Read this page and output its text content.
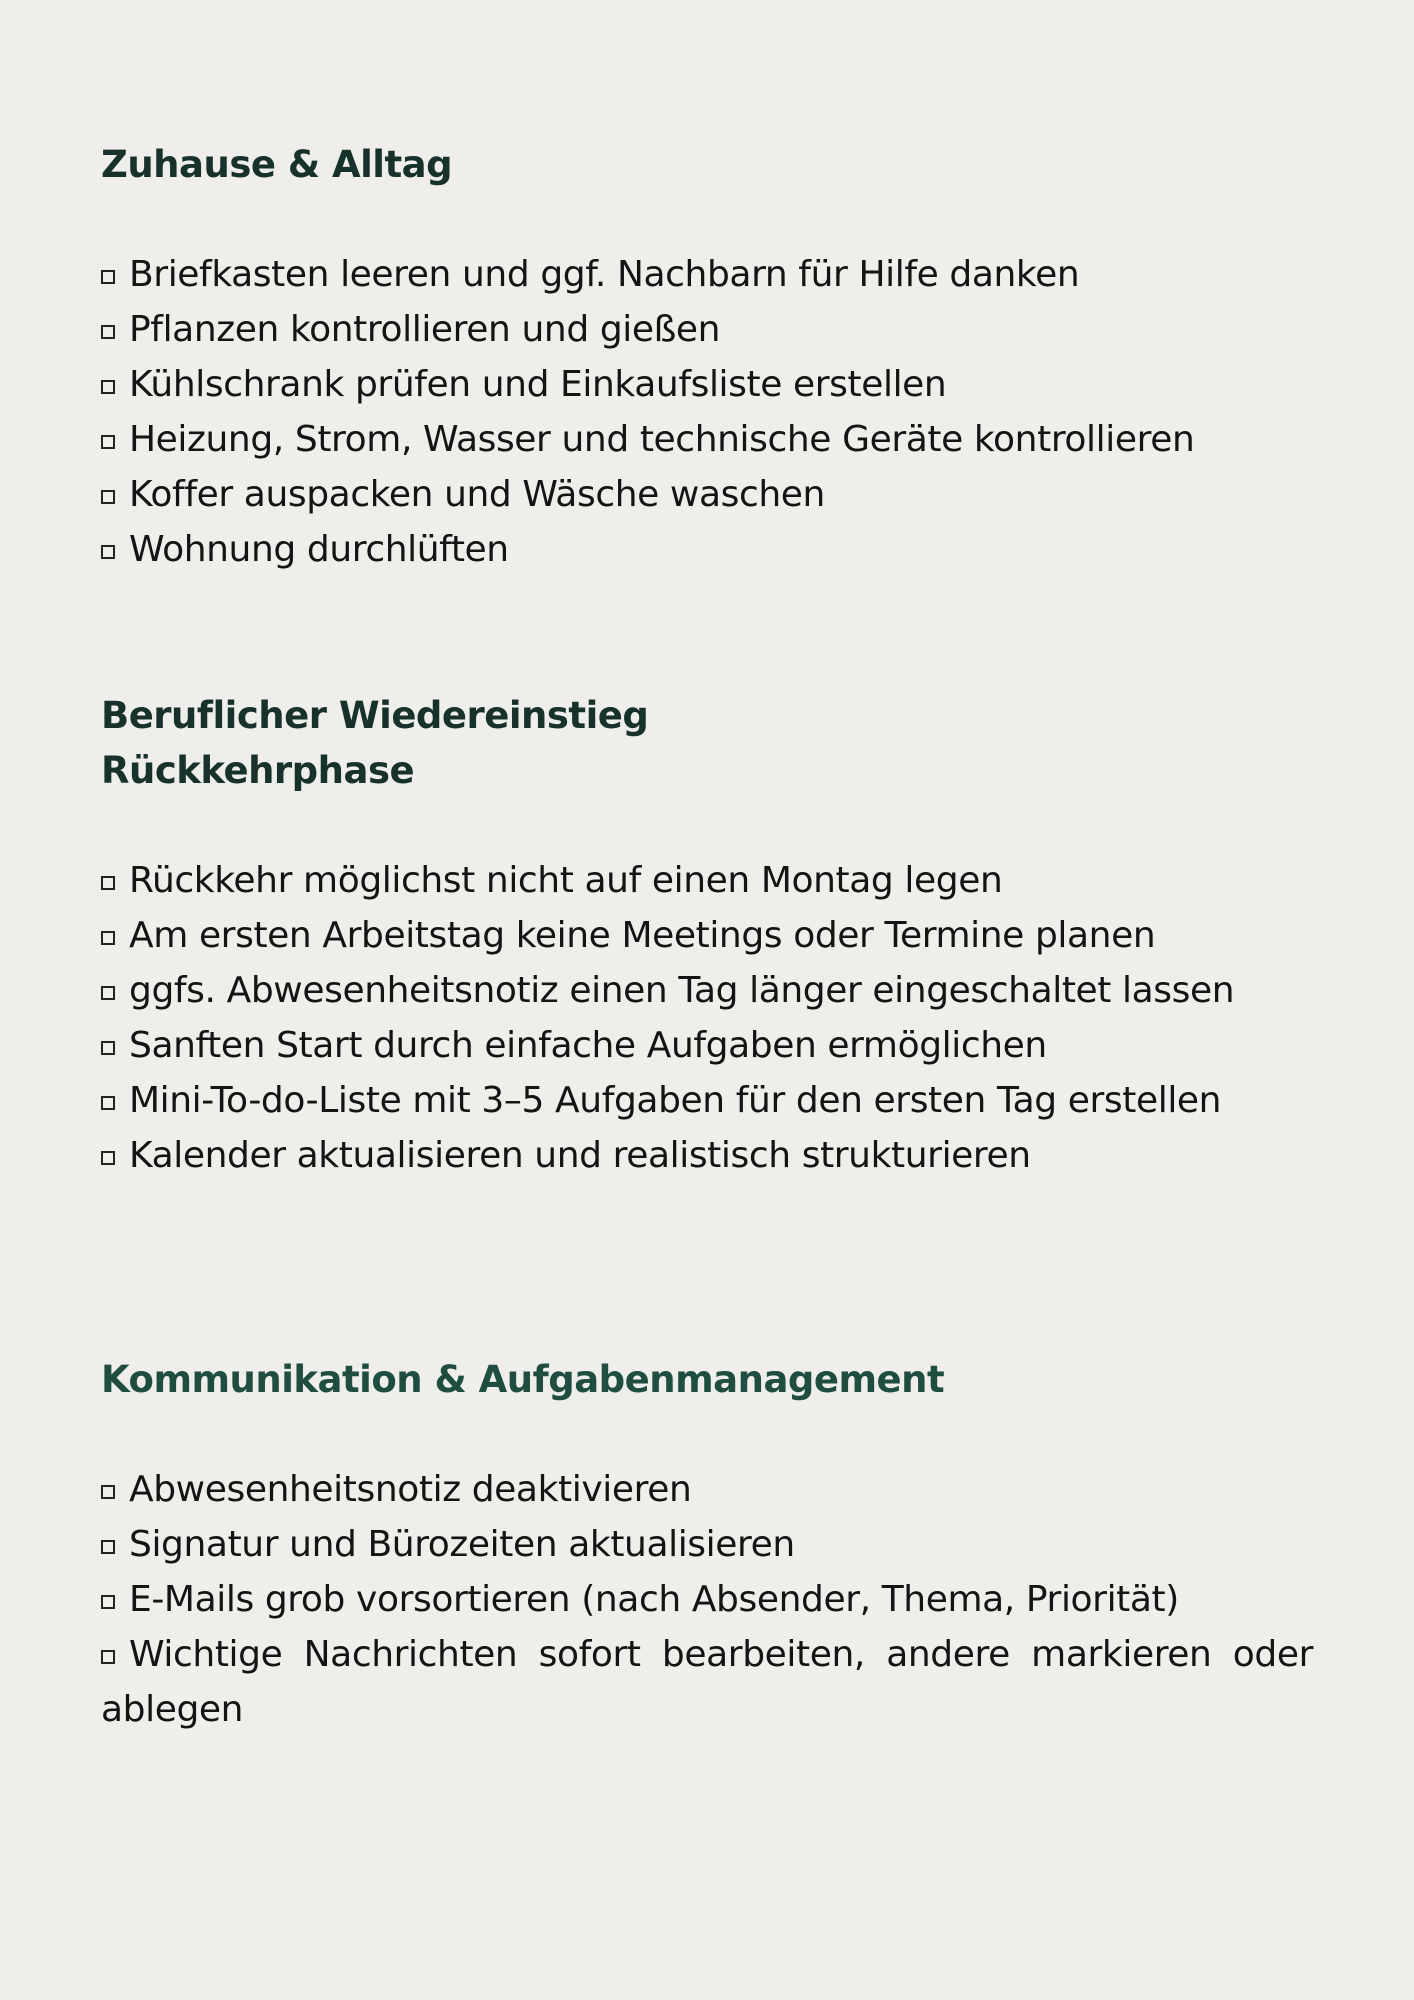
Zuhause & Alltag
Briefkasten leeren und ggf. Nachbarn für Hilfe danken
Pflanzen kontrollieren und gießen
Kühlschrank prüfen und Einkaufsliste erstellen
Heizung, Strom, Wasser und technische Geräte kontrollieren
Koffer auspacken und Wäsche waschen
Wohnung durchlüften
Beruflicher Wiedereinstieg
Rückkehrphase
Rückkehr möglichst nicht auf einen Montag legen
Am ersten Arbeitstag keine Meetings oder Termine planen
ggfs. Abwesenheitsnotiz einen Tag länger eingeschaltet lassen
Sanften Start durch einfache Aufgaben ermöglichen
Mini-To-do-Liste mit 3–5 Aufgaben für den ersten Tag erstellen
Kalender aktualisieren und realistisch strukturieren
Kommunikation & Aufgabenmanagement
Abwesenheitsnotiz deaktivieren
Signatur und Bürozeiten aktualisieren
E-Mails grob vorsortieren (nach Absender, Thema, Priorität)
Wichtige Nachrichten sofort bearbeiten, andere markieren oder ablegen
